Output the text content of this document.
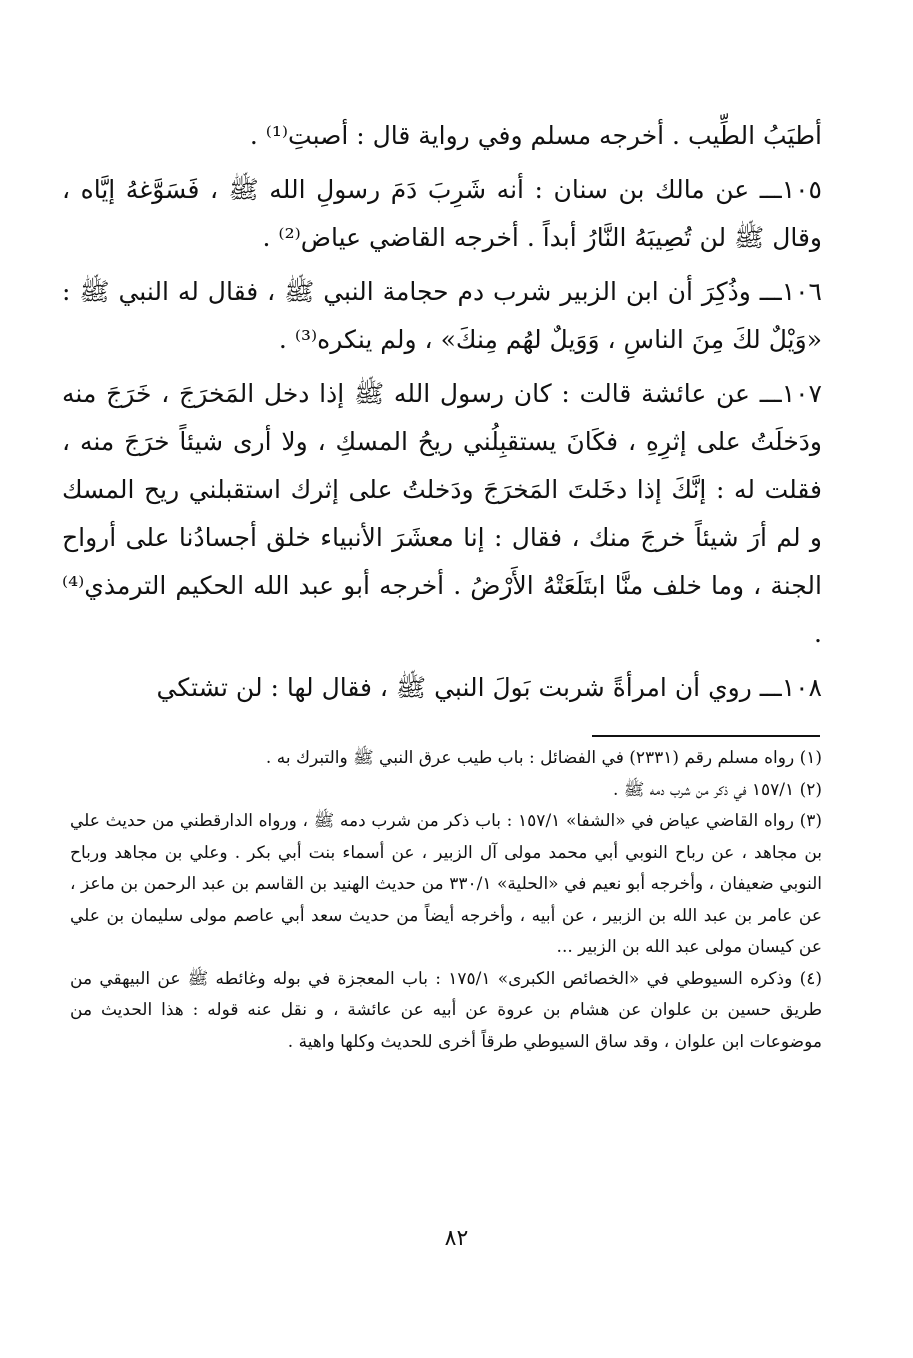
أطيَبُ الطِّيب . أخرجه مسلم وفي رواية قال : أصبتِ⁽¹⁾ .

١٠٥ـــ عن مالك بن سنان : أنه شَرِبَ دَمَ رسولِ الله ﷺ ، فَسَوَّغهُ إيَّاه ، وقال ﷺ لن تُصِيبَهُ النَّارُ أبداً . أخرجه القاضي عياض⁽²⁾ .

١٠٦ـــ وذُكِرَ أن ابن الزبير شرب دم حجامة النبي ﷺ ، فقال له النبي ﷺ : «وَيْلٌ لكَ مِنَ الناسِ ، وَوَيلٌ لهُم مِنكَ» ، ولم ينكره⁽³⁾ .

١٠٧ـــ عن عائشة قالت : كان رسول الله ﷺ إذا دخل المَخرَجَ ، خَرَجَ منه ودَخلَتُ على إثرِهِ ، فكَانَ يستقبِلُني ريحُ المسكِ ، ولا أرى شيئاً خرَجَ منه ، فقلت له : إنَّكَ إذا دخَلتَ المَخرَجَ ودَخلتُ على إثرك استقبلني ريح المسك و لم أرَ شيئاً خرجَ منك ، فقال : إنا معشَرَ الأنبياء خلق أجسادُنا على أرواح الجنة ، وما خلف منَّا ابتَلَعَتْهُ الأَرْضُ . أخرجه أبو عبد الله الحكيم الترمذي⁽⁴⁾ .

١٠٨ـــ روي أن امرأةً شربت بَولَ النبي ﷺ ، فقال لها : لن تشتكي

(١) رواه مسلم رقم (٢٣٣١) في الفضائل : باب طيب عرق النبي ﷺ والتبرك به .

(٢) ١٥٧/١ في ذكر من شرب دمه ﷺ .

(٣) رواه القاضي عياض في «الشفا» ١٥٧/١ : باب ذكر من شرب دمه ﷺ ، ورواه الدارقطني من حديث علي بن مجاهد ، عن رباح النوبي أبي محمد مولى آل الزبير ، عن أسماء بنت أبي بكر . وعلي بن مجاهد ورباح النوبي ضعيفان ، وأخرجه أبو نعيم في «الحلية» ٣٣٠/١ من حديث الهنيد بن القاسم بن عبد الرحمن بن ماعز ، عن عامر بن عبد الله بن الزبير ، عن أبيه ، وأخرجه أيضاً من حديث سعد أبي عاصم مولى سليمان بن علي عن كيسان مولى عبد الله بن الزبير ...

(٤) وذكره السيوطي في «الخصائص الكبرى» ١٧٥/١ : باب المعجزة في بوله وغائطه ﷺ عن البيهقي من طريق حسين بن علوان عن هشام بن عروة عن أبيه عن عائشة ، و نقل عنه قوله : هذا الحديث من موضوعات ابن علوان ، وقد ساق السيوطي طرقاً أخرى للحديث وكلها واهية .

٨٢
